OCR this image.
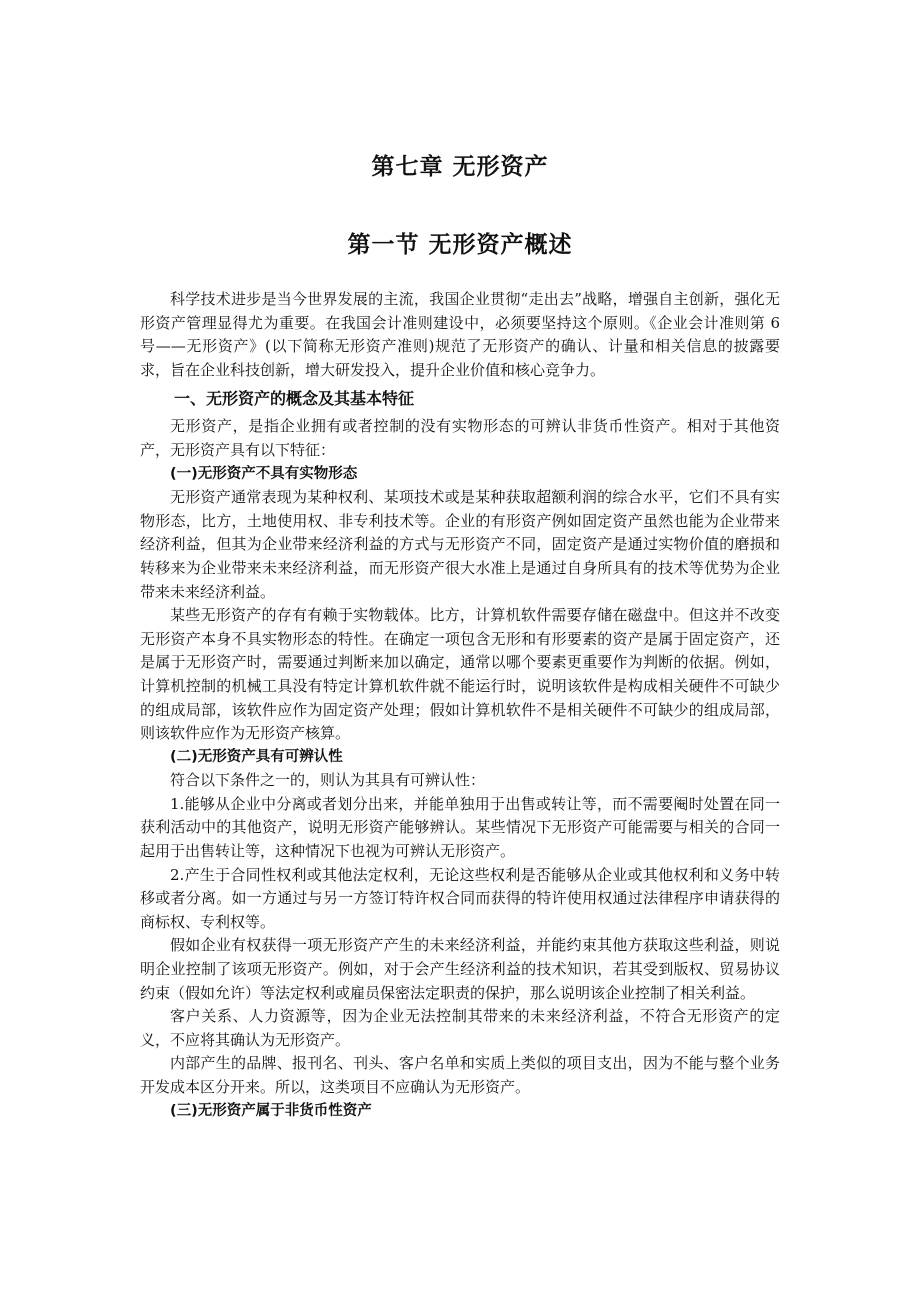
第七章 无形资产
第一节 无形资产概述

科学技术进步是当今世界发展的主流，我国企业贯彻“走出去”战略，增强自主创新，强化无形资产管理显得尤为重要。在我国会计准则建设中，必须要坚持这个原则。《企业会计准则第 6 号——无形资产》(以下简称无形资产准则)规范了无形资产的确认、计量和相关信息的披露要求，旨在企业科技创新，增大研发投入，提升企业价值和核心竞争力。

一、无形资产的概念及其基本特征

无形资产，是指企业拥有或者控制的没有实物形态的可辨认非货币性资产。相对于其他资产，无形资产具有以下特征：

(一)无形资产不具有实物形态

无形资产通常表现为某种权利、某项技术或是某种获取超额利润的综合水平，它们不具有实物形态，比方，土地使用权、非专利技术等。企业的有形资产例如固定资产虽然也能为企业带来经济利益，但其为企业带来经济利益的方式与无形资产不同，固定资产是通过实物价值的磨损和转移来为企业带来未来经济利益，而无形资产很大水准上是通过自身所具有的技术等优势为企业带来未来经济利益。

某些无形资产的存有有赖于实物载体。比方，计算机软件需要存储在磁盘中。但这并不改变无形资产本身不具实物形态的特性。在确定一项包含无形和有形要素的资产是属于固定资产，还是属于无形资产时，需要通过判断来加以确定，通常以哪个要素更重要作为判断的依据。例如，计算机控制的机械工具没有特定计算机软件就不能运行时，说明该软件是构成相关硬件不可缺少的组成局部，该软件应作为固定资产处理；假如计算机软件不是相关硬件不可缺少的组成局部，则该软件应作为无形资产核算。

(二)无形资产具有可辨认性

符合以下条件之一的，则认为其具有可辨认性：

1.能够从企业中分离或者划分出来，并能单独用于出售或转让等，而不需要阉时处置在同一获利活动中的其他资产，说明无形资产能够辨认。某些情况下无形资产可能需要与相关的合同一起用于出售转让等，这种情况下也视为可辨认无形资产。

2.产生于合同性权利或其他法定权利，无论这些权利是否能够从企业或其他权利和义务中转移或者分离。如一方通过与另一方签订特许权合同而获得的特许使用权通过法律程序申请获得的商标权、专利权等。

假如企业有权获得一项无形资产产生的未来经济利益，并能约束其他方获取这些利益，则说明企业控制了该项无形资产。例如，对于会产生经济利益的技术知识，若其受到版权、贸易协议约束（假如允许）等法定权利或雇员保密法定职责的保护，那么说明该企业控制了相关利益。

客户关系、人力资源等，因为企业无法控制其带来的未来经济利益，不符合无形资产的定义，不应将其确认为无形资产。

内部产生的品牌、报刊名、刊头、客户名单和实质上类似的项目支出，因为不能与整个业务开发成本区分开来。所以，这类项目不应确认为无形资产。

(三)无形资产属于非货币性资产
